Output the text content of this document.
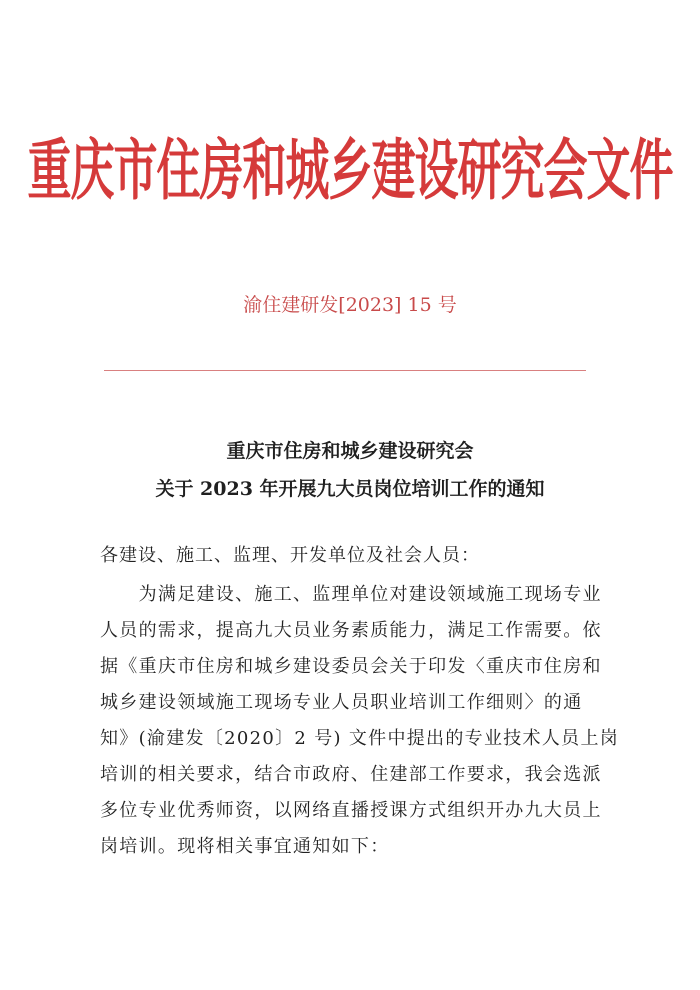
重庆市住房和城乡建设研究会文件
渝住建研发[2023] 15 号
重庆市住房和城乡建设研究会
关于 2023 年开展九大员岗位培训工作的通知
各建设、施工、监理、开发单位及社会人员：
　　为满足建设、施工、监理单位对建设领域施工现场专业
人员的需求，提高九大员业务素质能力，满足工作需要。依
据《重庆市住房和城乡建设委员会关于印发〈重庆市住房和
城乡建设领域施工现场专业人员职业培训工作细则〉的通
知》(渝建发〔2020〕2 号) 文件中提出的专业技术人员上岗
培训的相关要求，结合市政府、住建部工作要求，我会选派
多位专业优秀师资，以网络直播授课方式组织开办九大员上
岗培训。现将相关事宜通知如下：
